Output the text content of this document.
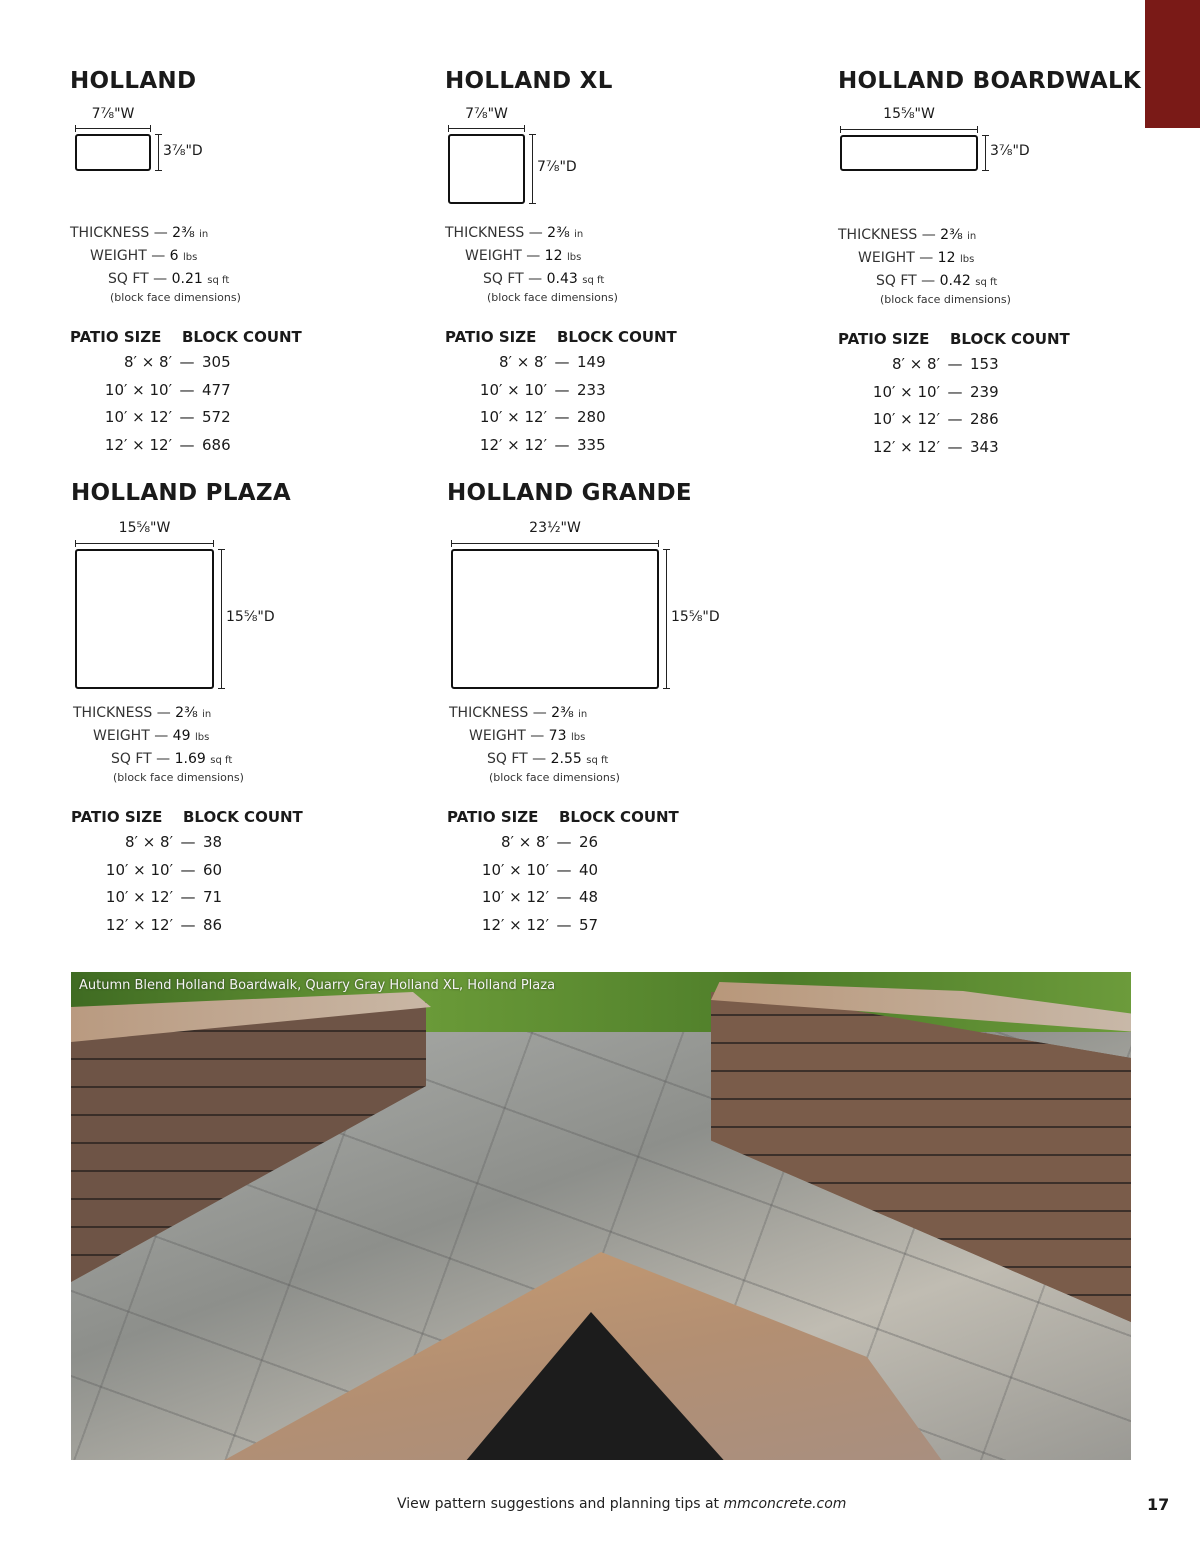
HOLLAND
7⅞"W
3⅞"D
THICKNESS — 2⅜ in
WEIGHT — 6 lbs
SQ FT — 0.21 sq ft
(block face dimensions)
PATIO SIZE BLOCK COUNT
8′ × 8′ — 305
10′ × 10′ — 477
10′ × 12′ — 572
12′ × 12′ — 686
HOLLAND XL
7⅞"W
7⅞"D
THICKNESS — 2⅜ in
WEIGHT — 12 lbs
SQ FT — 0.43 sq ft
(block face dimensions)
PATIO SIZE BLOCK COUNT
8′ × 8′ — 149
10′ × 10′ — 233
10′ × 12′ — 280
12′ × 12′ — 335
HOLLAND BOARDWALK
15⅝"W
3⅞"D
THICKNESS — 2⅜ in
WEIGHT — 12 lbs
SQ FT — 0.42 sq ft
(block face dimensions)
PATIO SIZE BLOCK COUNT
8′ × 8′ — 153
10′ × 10′ — 239
10′ × 12′ — 286
12′ × 12′ — 343
HOLLAND PLAZA
15⅝"W
15⅝"D
THICKNESS — 2⅜ in
WEIGHT — 49 lbs
SQ FT — 1.69 sq ft
(block face dimensions)
PATIO SIZE BLOCK COUNT
8′ × 8′ — 38
10′ × 10′ — 60
10′ × 12′ — 71
12′ × 12′ — 86
HOLLAND GRANDE
23½"W
15⅝"D
THICKNESS — 2⅜ in
WEIGHT — 73 lbs
SQ FT — 2.55 sq ft
(block face dimensions)
PATIO SIZE BLOCK COUNT
8′ × 8′ — 26
10′ × 10′ — 40
10′ × 12′ — 48
12′ × 12′ — 57
Autumn Blend Holland Boardwalk, Quarry Gray Holland XL, Holland Plaza
View pattern suggestions and planning tips at mmconcrete.com	17
